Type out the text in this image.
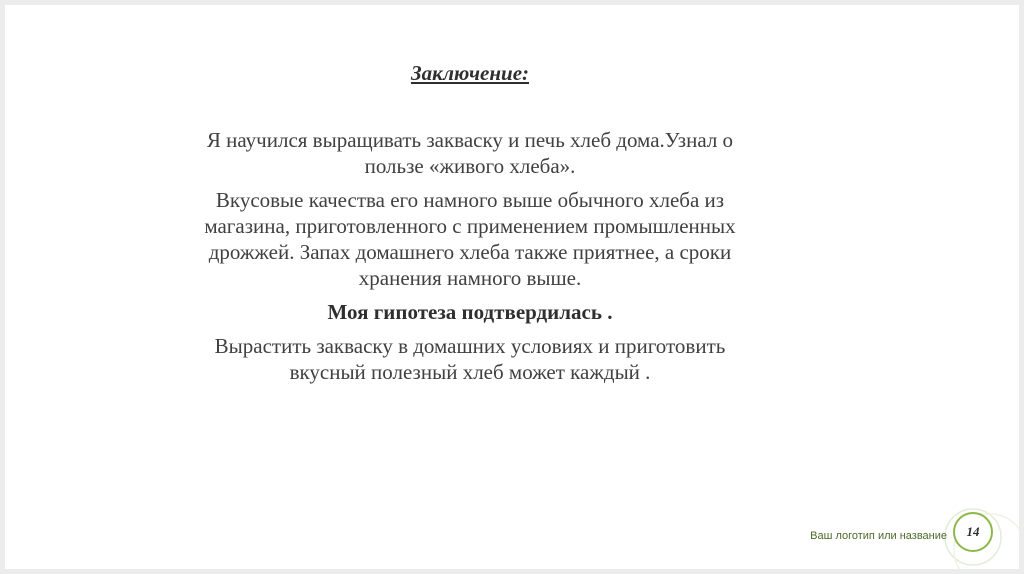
Заключение:

Я научился выращивать закваску и печь хлеб дома.Узнал о пользе «живого хлеба».

Вкусовые качества его намного выше обычного хлеба из магазина, приготовленного с применением промышленных дрожжей. Запах домашнего хлеба также приятнее, а сроки хранения намного выше.

Моя гипотеза подтвердилась .

Вырастить закваску в домашних условиях и приготовить вкусный полезный хлеб может каждый .

Ваш логотип или название 14
